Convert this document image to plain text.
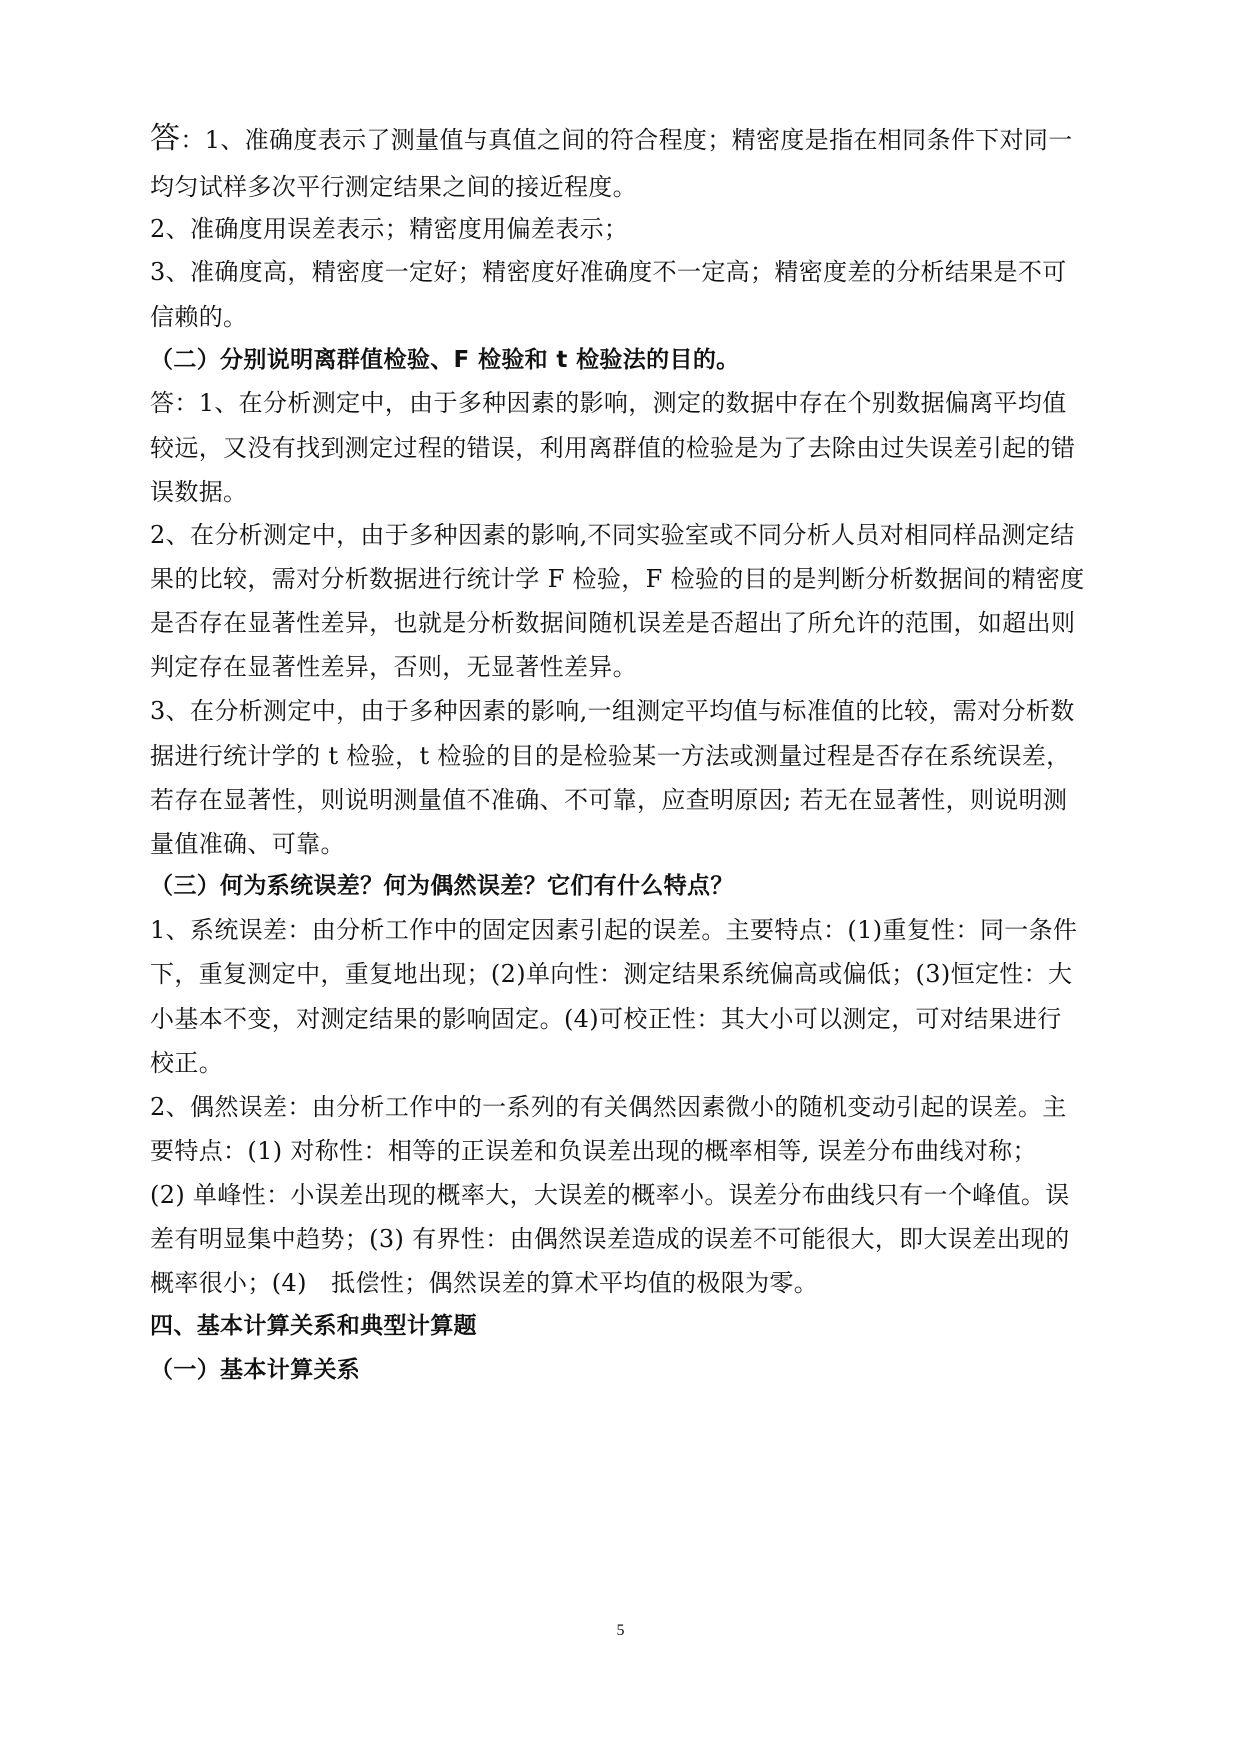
答：1、准确度表示了测量值与真值之间的符合程度；精密度是指在相同条件下对同一
均匀试样多次平行测定结果之间的接近程度。
2、准确度用误差表示；精密度用偏差表示；
3、准确度高，精密度一定好；精密度好准确度不一定高；精密度差的分析结果是不可
信赖的。
（二）分别说明离群值检验、F 检验和 t 检验法的目的。
答：1、在分析测定中，由于多种因素的影响，测定的数据中存在个别数据偏离平均值
较远，又没有找到测定过程的错误，利用离群值的检验是为了去除由过失误差引起的错
误数据。
2、在分析测定中，由于多种因素的影响,不同实验室或不同分析人员对相同样品测定结
果的比较，需对分析数据进行统计学 F 检验，F 检验的目的是判断分析数据间的精密度
是否存在显著性差异，也就是分析数据间随机误差是否超出了所允许的范围，如超出则
判定存在显著性差异，否则，无显著性差异。
3、在分析测定中，由于多种因素的影响,一组测定平均值与标准值的比较，需对分析数
据进行统计学的 t 检验，t 检验的目的是检验某一方法或测量过程是否存在系统误差，
若存在显著性，则说明测量值不准确、不可靠，应查明原因; 若无在显著性，则说明测
量值准确、可靠。
（三）何为系统误差？何为偶然误差？它们有什么特点？
1、系统误差：由分析工作中的固定因素引起的误差。主要特点：(1)重复性：同一条件
下，重复测定中，重复地出现；(2)单向性：测定结果系统偏高或偏低；(3)恒定性：大
小基本不变，对测定结果的影响固定。(4)可校正性：其大小可以测定，可对结果进行
校正。
2、偶然误差：由分析工作中的一系列的有关偶然因素微小的随机变动引起的误差。主
要特点：(1) 对称性：相等的正误差和负误差出现的概率相等, 误差分布曲线对称；
(2) 单峰性：小误差出现的概率大，大误差的概率小。误差分布曲线只有一个峰值。误
差有明显集中趋势；(3) 有界性：由偶然误差造成的误差不可能很大，即大误差出现的
概率很小；(4)　抵偿性；偶然误差的算术平均值的极限为零。
四、基本计算关系和典型计算题
（一）基本计算关系
5
